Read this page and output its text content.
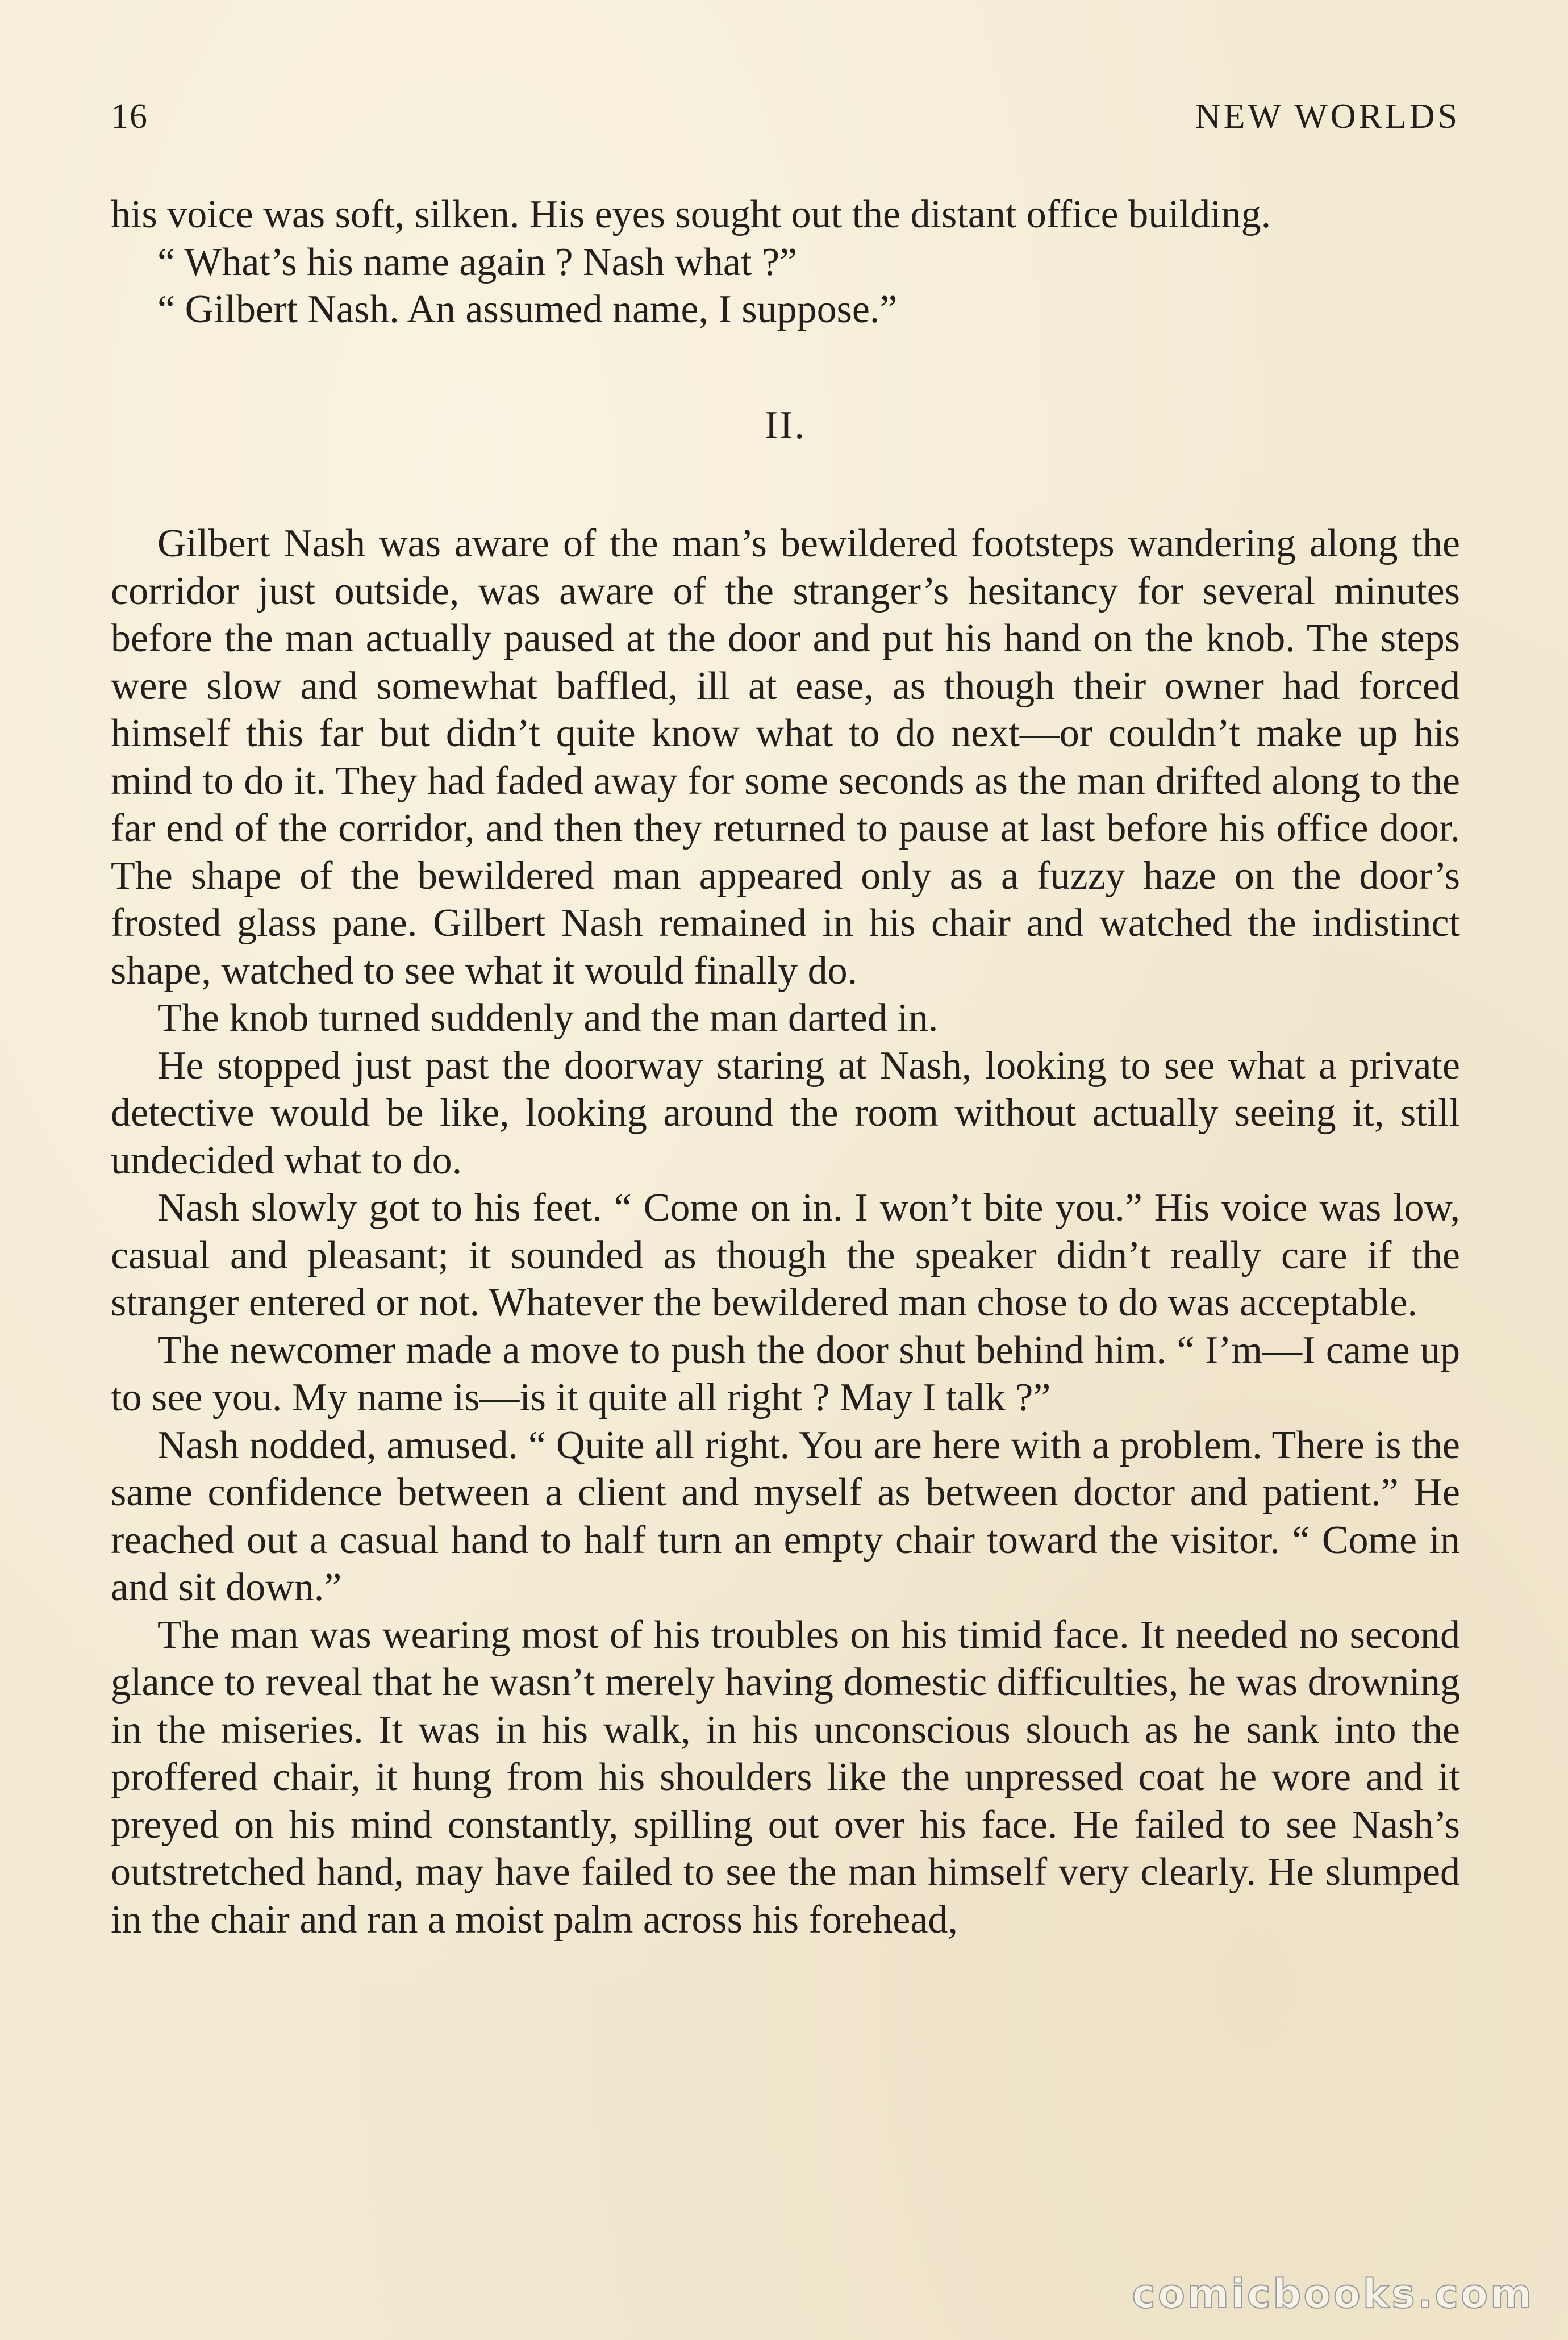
16	NEW WORLDS

his voice was soft, silken. His eyes sought out the distant office building.

“ What’s his name again ? Nash what ?”

“ Gilbert Nash. An assumed name, I suppose.”

II.

Gilbert Nash was aware of the man’s bewildered footsteps wandering along the corridor just outside, was aware of the stranger’s hesitancy for several minutes before the man actually paused at the door and put his hand on the knob. The steps were slow and somewhat baffled, ill at ease, as though their owner had forced himself this far but didn’t quite know what to do next—or couldn’t make up his mind to do it. They had faded away for some seconds as the man drifted along to the far end of the corridor, and then they returned to pause at last before his office door. The shape of the bewildered man appeared only as a fuzzy haze on the door’s frosted glass pane. Gilbert Nash remained in his chair and watched the indistinct shape, watched to see what it would finally do.

The knob turned suddenly and the man darted in.

He stopped just past the doorway staring at Nash, looking to see what a private detective would be like, looking around the room without actually seeing it, still undecided what to do.

Nash slowly got to his feet. “ Come on in. I won’t bite you.” His voice was low, casual and pleasant; it sounded as though the speaker didn’t really care if the stranger entered or not. Whatever the bewildered man chose to do was acceptable.

The newcomer made a move to push the door shut behind him. “ I’m—I came up to see you. My name is—is it quite all right ? May I talk ?”

Nash nodded, amused. “ Quite all right. You are here with a problem. There is the same confidence between a client and myself as between doctor and patient.” He reached out a casual hand to half turn an empty chair toward the visitor. “ Come in and sit down.”

The man was wearing most of his troubles on his timid face. It needed no second glance to reveal that he wasn’t merely having domestic difficulties, he was drowning in the miseries. It was in his walk, in his unconscious slouch as he sank into the proffered chair, it hung from his shoulders like the unpressed coat he wore and it preyed on his mind constantly, spilling out over his face. He failed to see Nash’s outstretched hand, may have failed to see the man himself very clearly. He slumped in the chair and ran a moist palm across his forehead,

comicbooks.com
